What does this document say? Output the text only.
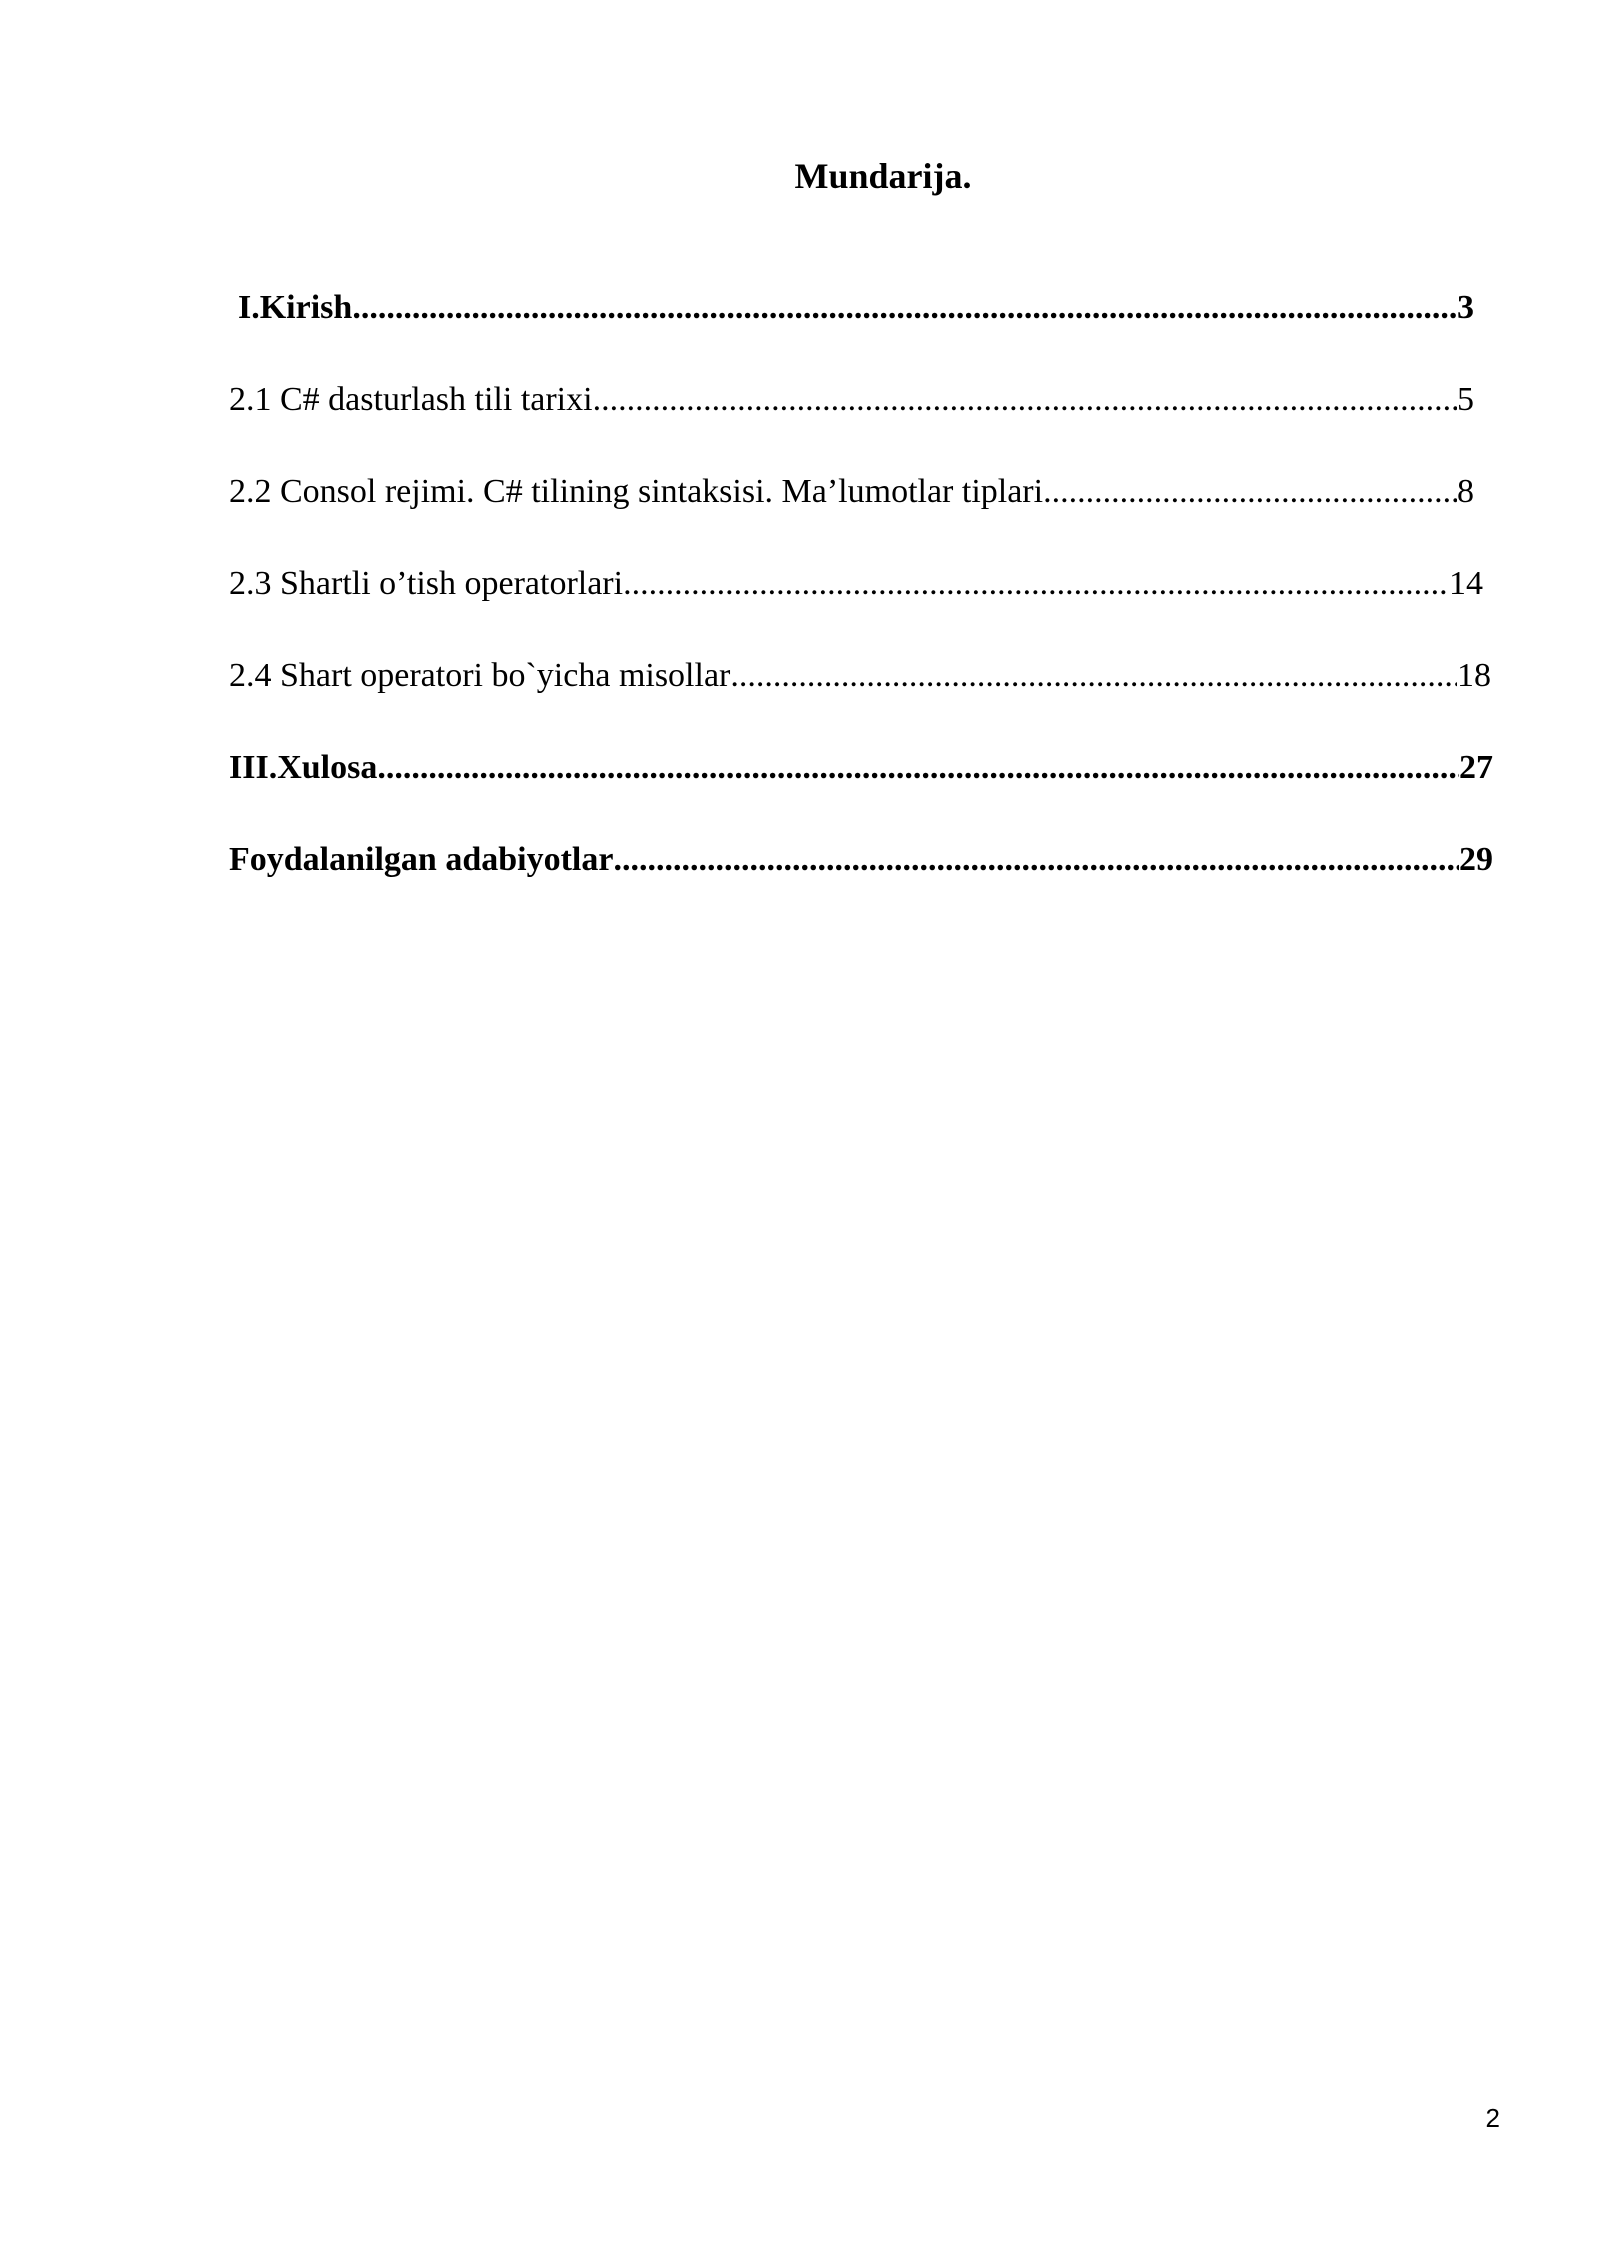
Mundarija.
I.Kirish .....	3
2.1 C# dasturlash tili tarixi .....	5
2.2 Consol rejimi. C# tilining sintaksisi. Ma’lumotlar tiplari .....	8
2.3 Shartli o’tish operatorlari .....	14
2.4 Shart operatori bo`yicha misollar .....	18
III.Xulosa .....	27
Foydalanilgan adabiyotlar .....	29
2
